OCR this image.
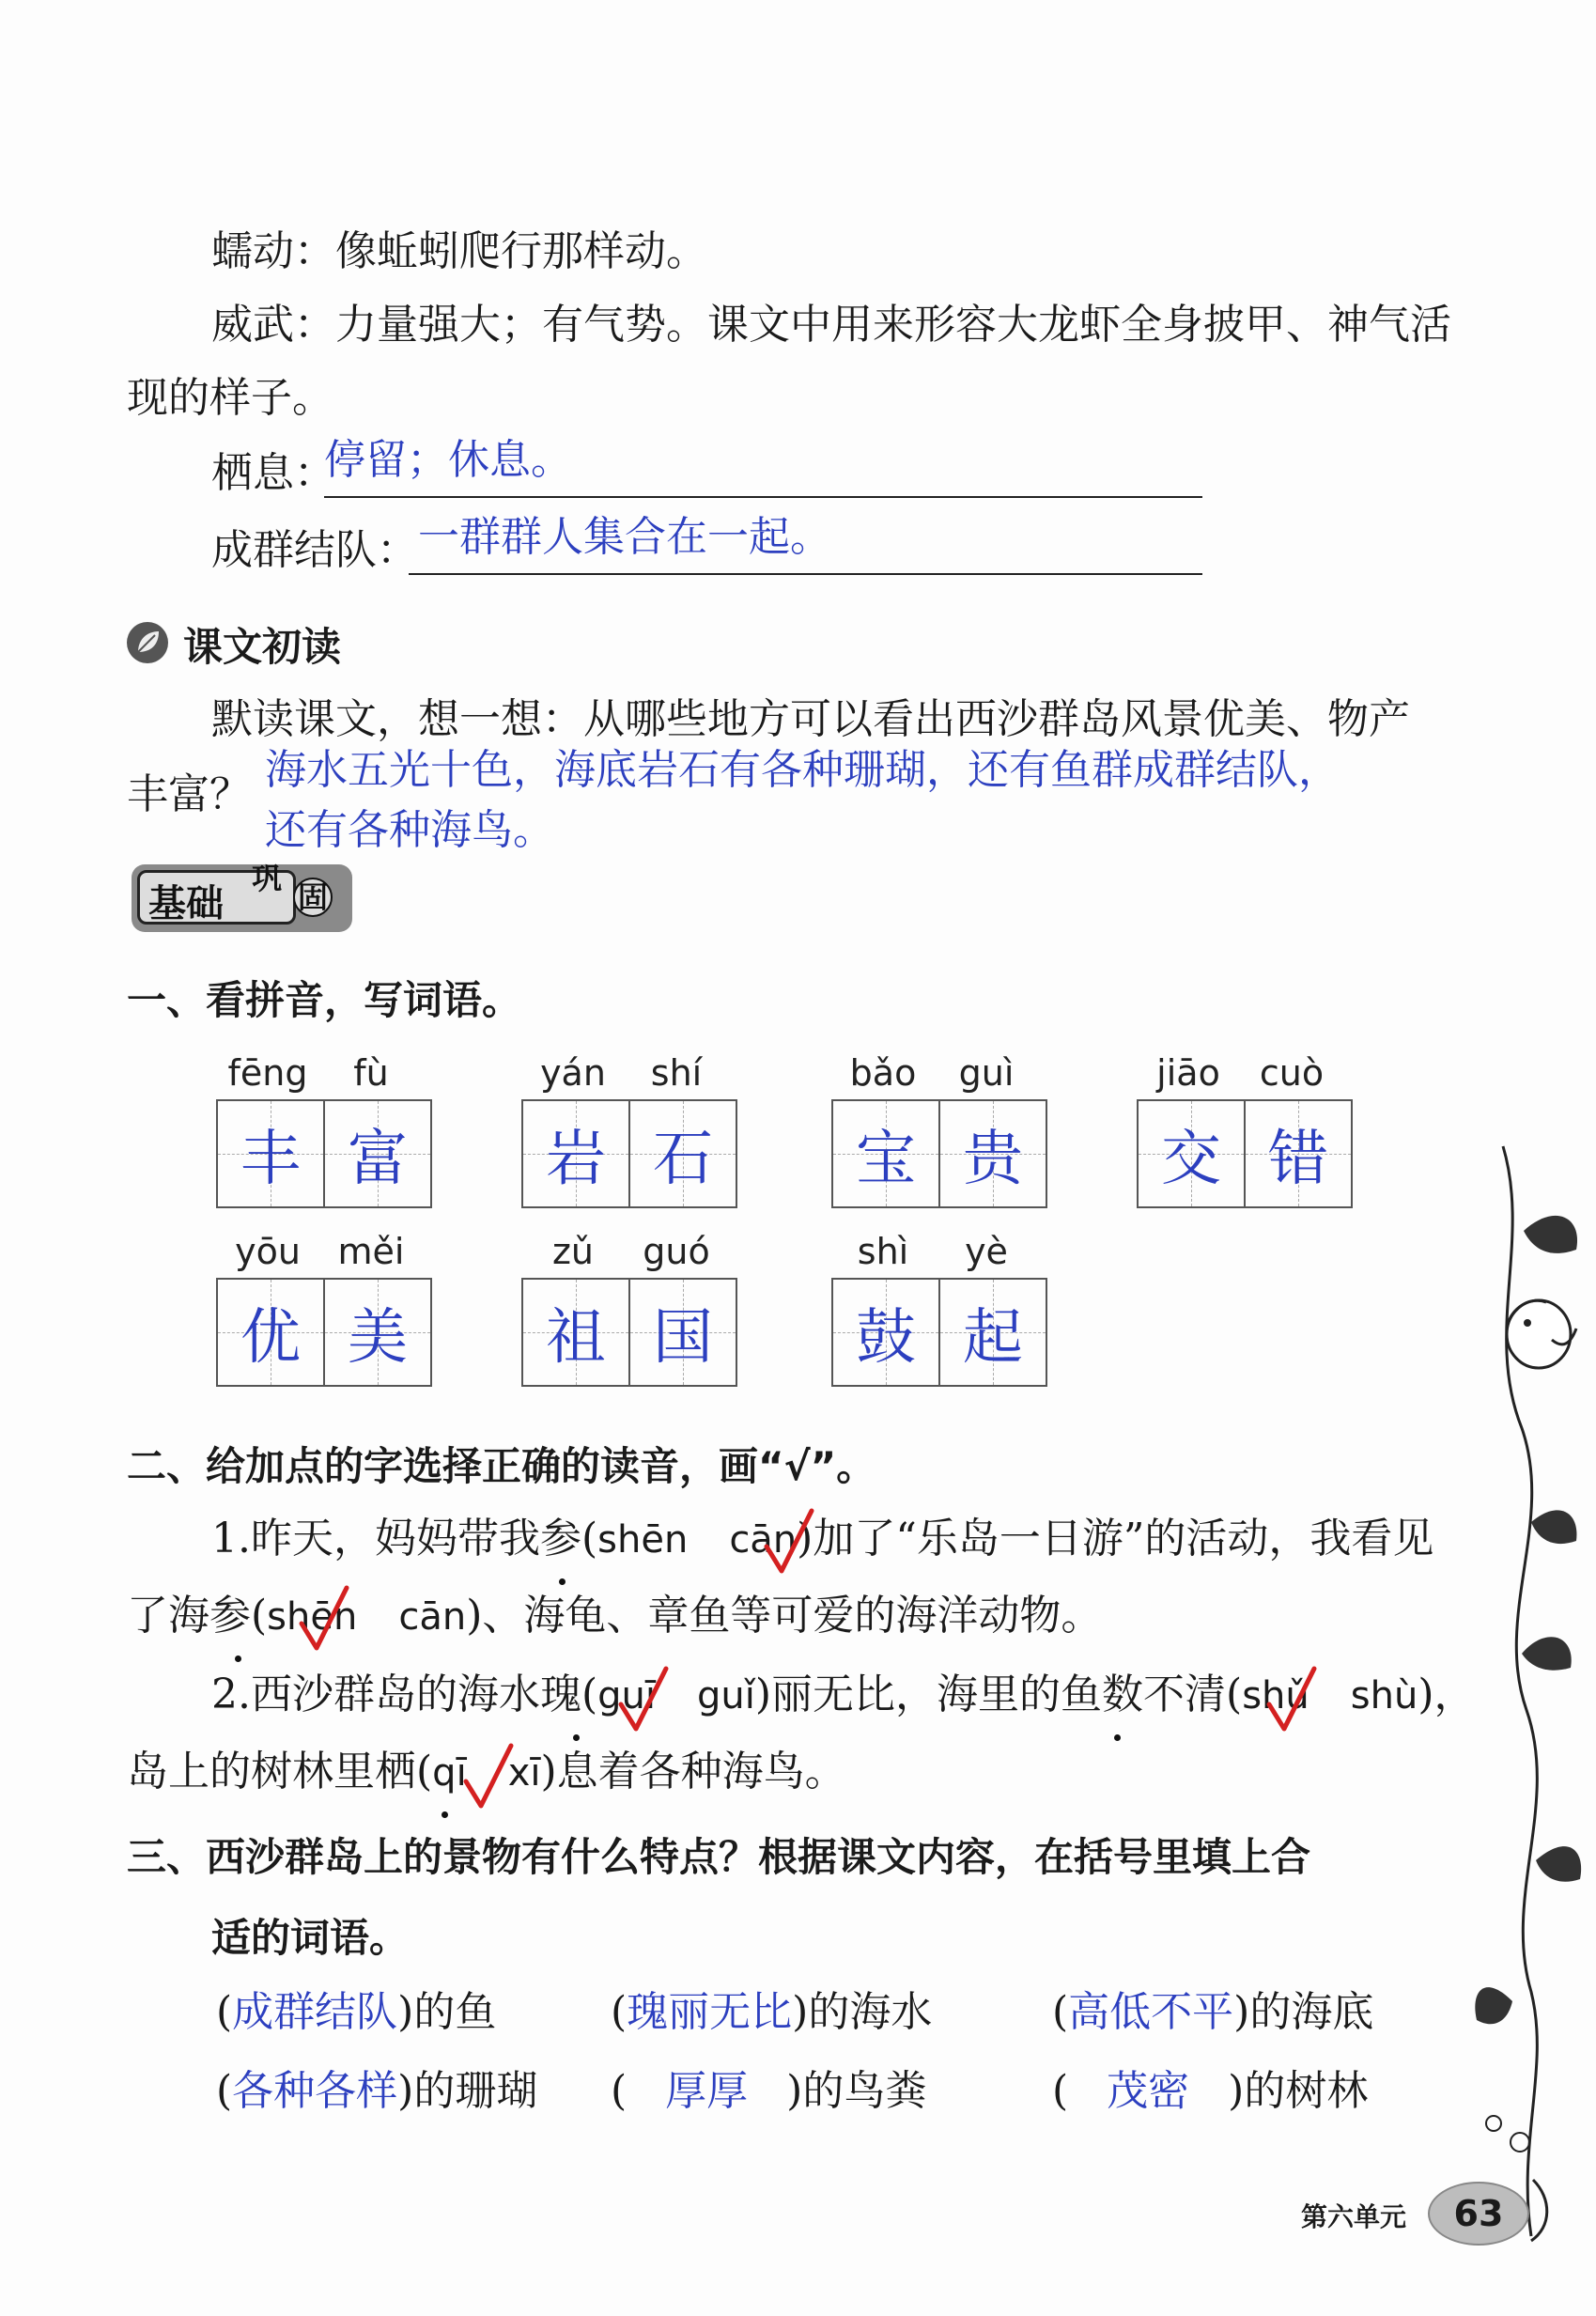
蠕动：像蚯蚓爬行那样动。
威武：力量强大；有气势。课文中用来形容大龙虾全身披甲、神气活
现的样子。
栖息：
停留；休息。
成群结队： 一群群人集合在一起。
课文初读
默读课文，想一想：从哪些地方可以看出西沙群岛风景优美、物产
丰富？
海水五光十色，海底岩石有各种珊瑚，还有鱼群成群结队，
还有各种海鸟。
基础
巩
固
一、看拼音，写词语。
fēng	fù
丰 富
yán	shí
岩 石
bǎo	guì
宝 贵
jiāo	cuò
交 错
yōu	měi
优 美
zǔ	guó
祖 国
shì	yè
鼓 起
二、给加点的字选择正确的读音，画“√”。
1.昨天，妈妈带我参(shēn cān)加了“乐岛一日游”的活动，我看见
了海参(shēn cān)、海龟、章鱼等可爱的海洋动物。
2.西沙群岛的海水瑰(guī guǐ)丽无比，海里的鱼数不清(shǔ shù)，
岛上的树林里栖(qī xī)息着各种海鸟。
三、西沙群岛上的景物有什么特点？根据课文内容，在括号里填上合
适的词语。
(成群结队)的鱼	(瑰丽无比)的海水	(高低不平)的海底
(各种各样)的珊瑚 ( 厚厚 )的鸟粪	( 茂密 )的树林
第六单元	63
